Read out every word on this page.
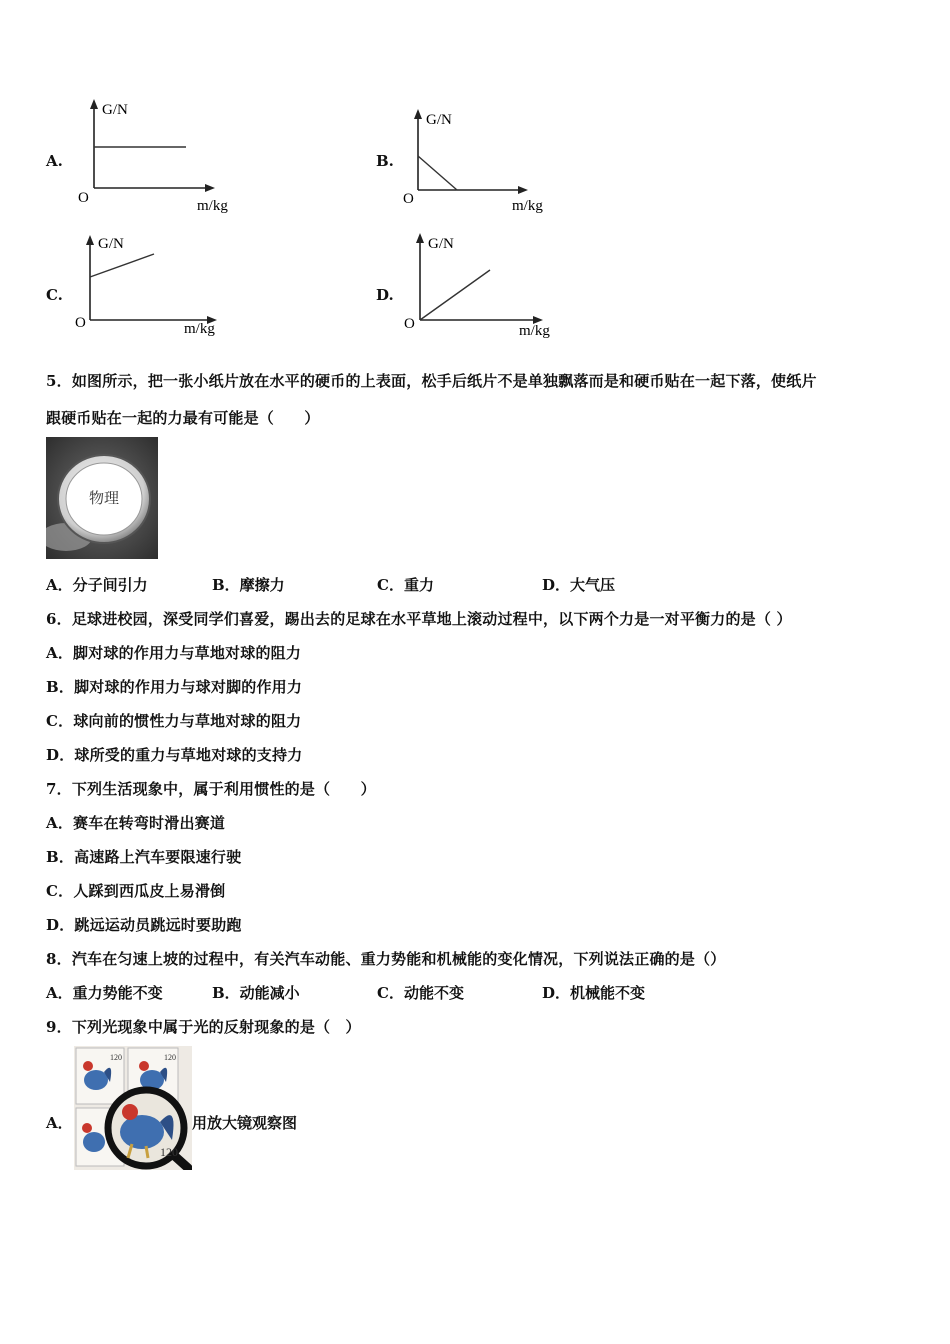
A.
G/N
O	m/kg
B.
G/N
O	m/kg
C.
G/N
O	m/kg
D.
G/N
O	m/kg
5．如图所示，把一张小纸片放在水平的硬币的上表面，松手后纸片不是单独飘落而是和硬币贴在一起下落，使纸片
跟硬币贴在一起的力最有可能是（　　）
物理
A．分子间引力	B．摩擦力	C．重力	D．大气压
6．足球进校园，深受同学们喜爱，踢出去的足球在水平草地上滚动过程中，以下两个力是一对平衡力的是（ ）
A．脚对球的作用力与草地对球的阻力
B．脚对球的作用力与球对脚的作用力
C．球向前的惯性力与草地对球的阻力
D．球所受的重力与草地对球的支持力
7．下列生活现象中，属于利用惯性的是（　　）
A．赛车在转弯时滑出赛道
B．高速路上汽车要限速行驶
C．人踩到西瓜皮上易滑倒
D．跳远运动员跳远时要助跑
8．汽车在匀速上坡的过程中，有关汽车动能、重力势能和机械能的变化情况，下列说法正确的是（）
A．重力势能不变	B．动能减小	C．动能不变	D．机械能不变
9．下列光现象中属于光的反射现象的是（　）
A．
120	120
120
用放大镜观察图
